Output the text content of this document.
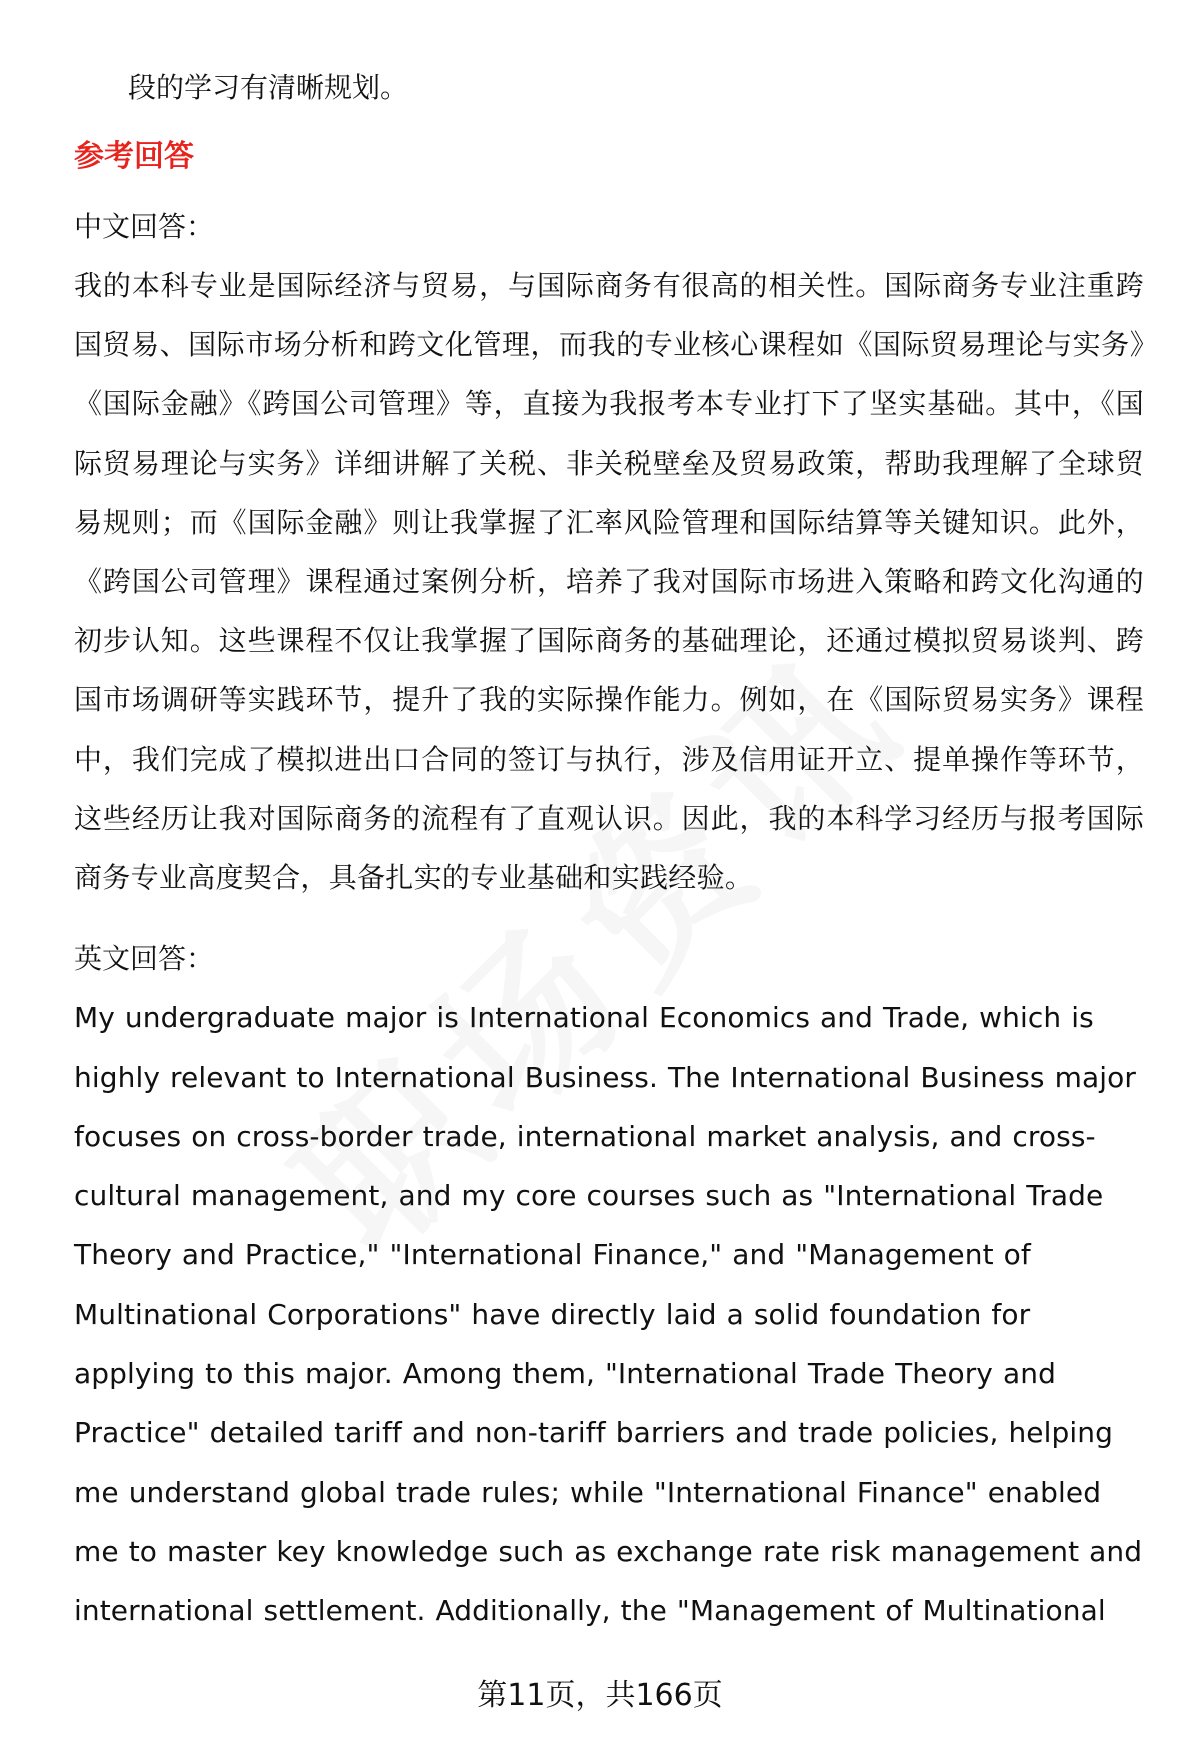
段的学习有清晰规划。

参考回答

中文回答：

我的本科专业是国际经济与贸易，与国际商务有很高的相关性。国际商务专业注重跨国贸易、国际市场分析和跨文化管理，而我的专业核心课程如《国际贸易理论与实务》《国际金融》《跨国公司管理》等，直接为我报考本专业打下了坚实基础。其中，《国际贸易理论与实务》详细讲解了关税、非关税壁垒及贸易政策，帮助我理解了全球贸易规则；而《国际金融》则让我掌握了汇率风险管理和国际结算等关键知识。此外，《跨国公司管理》课程通过案例分析，培养了我对国际市场进入策略和跨文化沟通的初步认知。这些课程不仅让我掌握了国际商务的基础理论，还通过模拟贸易谈判、跨国市场调研等实践环节，提升了我的实际操作能力。例如，在《国际贸易实务》课程中，我们完成了模拟进出口合同的签订与执行，涉及信用证开立、提单操作等环节，这些经历让我对国际商务的流程有了直观认识。因此，我的本科学习经历与报考国际商务专业高度契合，具备扎实的专业基础和实践经验。

英文回答：

My undergraduate major is International Economics and Trade, which is highly relevant to International Business. The International Business major focuses on cross-border trade, international market analysis, and cross-cultural management, and my core courses such as "International Trade Theory and Practice," "International Finance," and "Management of Multinational Corporations" have directly laid a solid foundation for applying to this major. Among them, "International Trade Theory and Practice" detailed tariff and non-tariff barriers and trade policies, helping me understand global trade rules; while "International Finance" enabled me to master key knowledge such as exchange rate risk management and international settlement. Additionally, the "Management of Multinational

第11页，共166页
